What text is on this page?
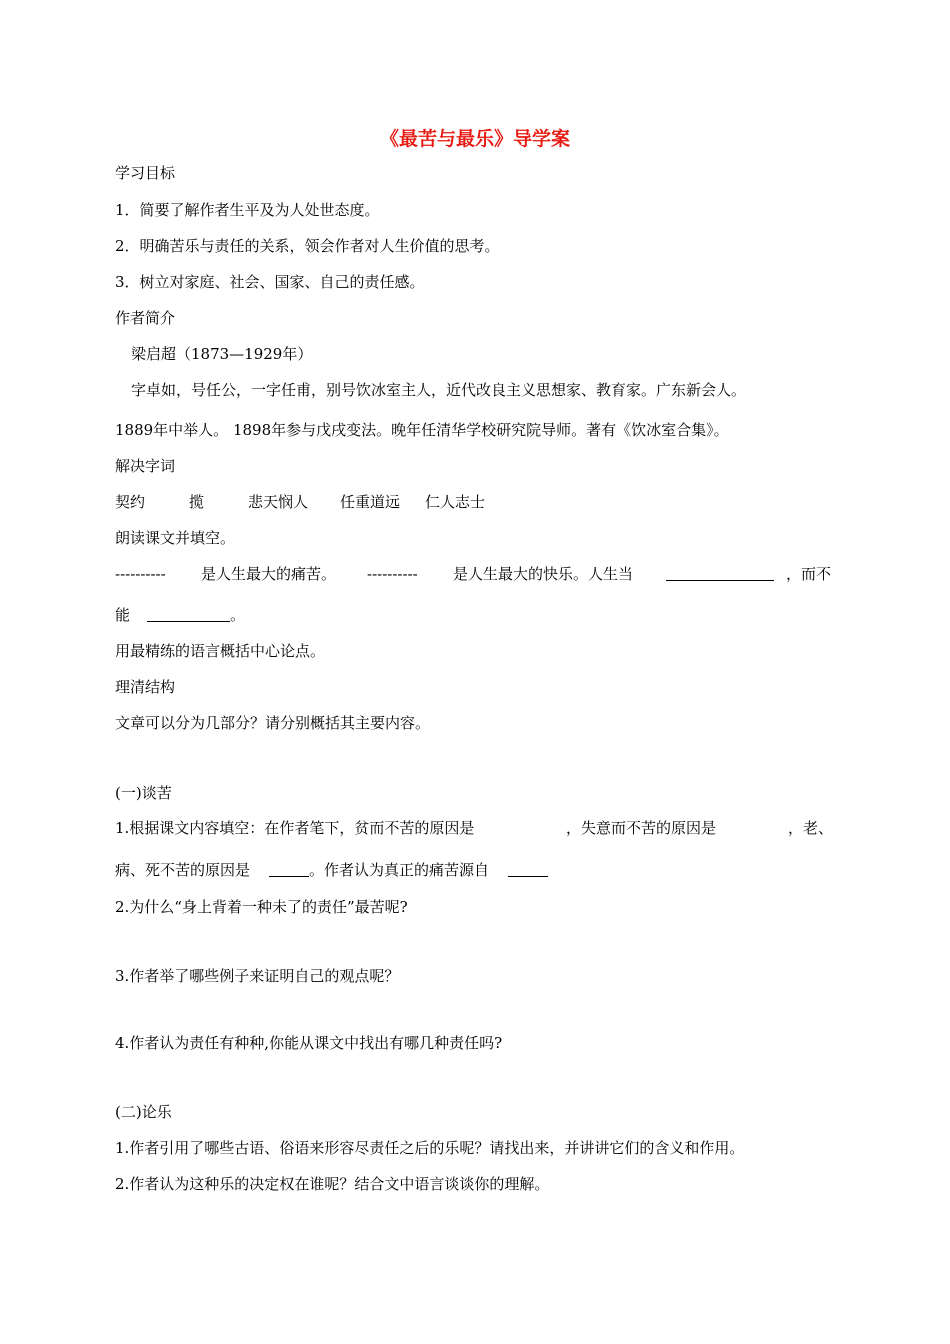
《最苦与最乐》导学案
学习目标
1．简要了解作者生平及为人处世态度。
2．明确苦乐与责任的关系，领会作者对人生价值的思考。
3．树立对家庭、社会、国家、自己的责任感。
作者简介
梁启超（1873—1929年）
字卓如，号任公，一字任甫，别号饮冰室主人，近代改良主义思想家、教育家。广东新会人。
1889年中举人。 1898年参与戊戌变法。晚年任清华学校研究院导师。著有《饮冰室合集》。
解决字词
契约	揽	悲天悯人 任重道远 仁人志士
朗读课文并填空。
---------- 是人生最大的痛苦。 ---------- 是人生最大的快乐。人生当	，而不
能	。
用最精练的语言概括中心论点。
理清结构
文章可以分为几部分？请分别概括其主要内容。
(一)谈苦
1.根据课文内容填空：在作者笔下，贫而不苦的原因是	，失意而不苦的原因是	，老、
病、死不苦的原因是	。作者认为真正的痛苦源自
2.为什么“身上背着一种未了的责任”最苦呢?
3.作者举了哪些例子来证明自己的观点呢？
4.作者认为责任有种种,你能从课文中找出有哪几种责任吗?
(二)论乐
1.作者引用了哪些古语、俗语来形容尽责任之后的乐呢？请找出来，并讲讲它们的含义和作用。
2.作者认为这种乐的决定权在谁呢？结合文中语言谈谈你的理解。
